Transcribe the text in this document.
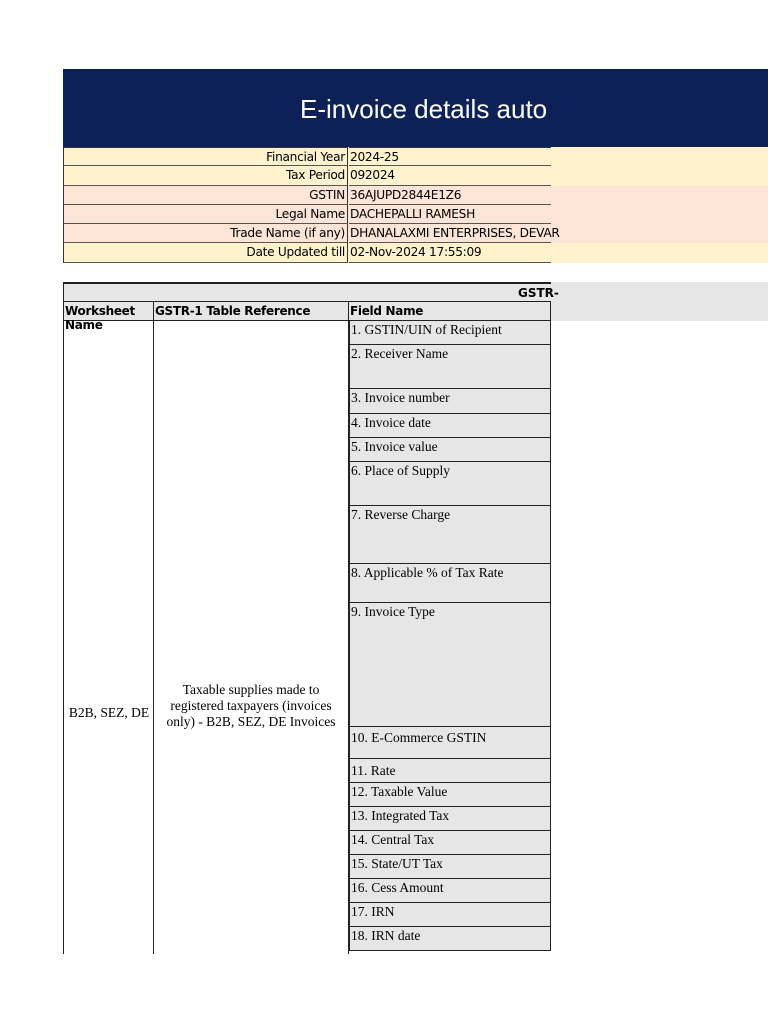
E-invoice details auto
Financial Year 2024-25
Tax Period 092024
GSTIN 36AJUPD2844E1Z6
Legal Name DACHEPALLI RAMESH
Trade Name (if any) DHANALAXMI ENTERPRISES, DEVAR
Date Updated till 02-Nov-2024 17:55:09
GSTR-
Worksheet Name
GSTR-1 Table Reference	Field Name
B2B, SEZ, DE
Taxable supplies made to registered taxpayers (invoices only) - B2B, SEZ, DE Invoices
1. GSTIN/UIN of Recipient
2. Receiver Name
3. Invoice number
4. Invoice date
5. Invoice value
6. Place of Supply
7. Reverse Charge
8. Applicable % of Tax Rate
9. Invoice Type
10. E-Commerce GSTIN
11. Rate
12. Taxable Value
13. Integrated Tax
14. Central Tax
15. State/UT Tax
16. Cess Amount
17. IRN
18. IRN date
